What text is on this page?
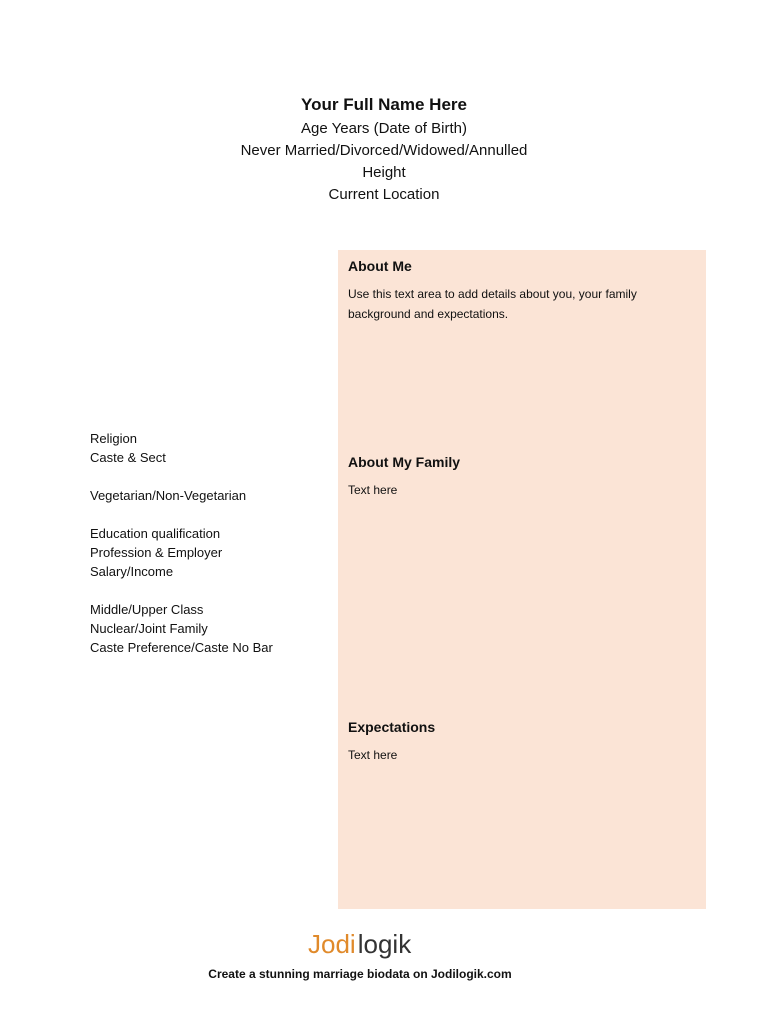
Your Full Name Here
Age Years (Date of Birth)
Never Married/Divorced/Widowed/Annulled
Height
Current Location
Religion
Caste & Sect
Vegetarian/Non-Vegetarian
Education qualification
Profession & Employer
Salary/Income
Middle/Upper Class
Nuclear/Joint Family
Caste Preference/Caste No Bar
About Me
Use this text area to add details about you, your family background and expectations.
About My Family
Text here
Expectations
Text here
Jo di logik
Create a stunning marriage biodata on Jodilogik.com
